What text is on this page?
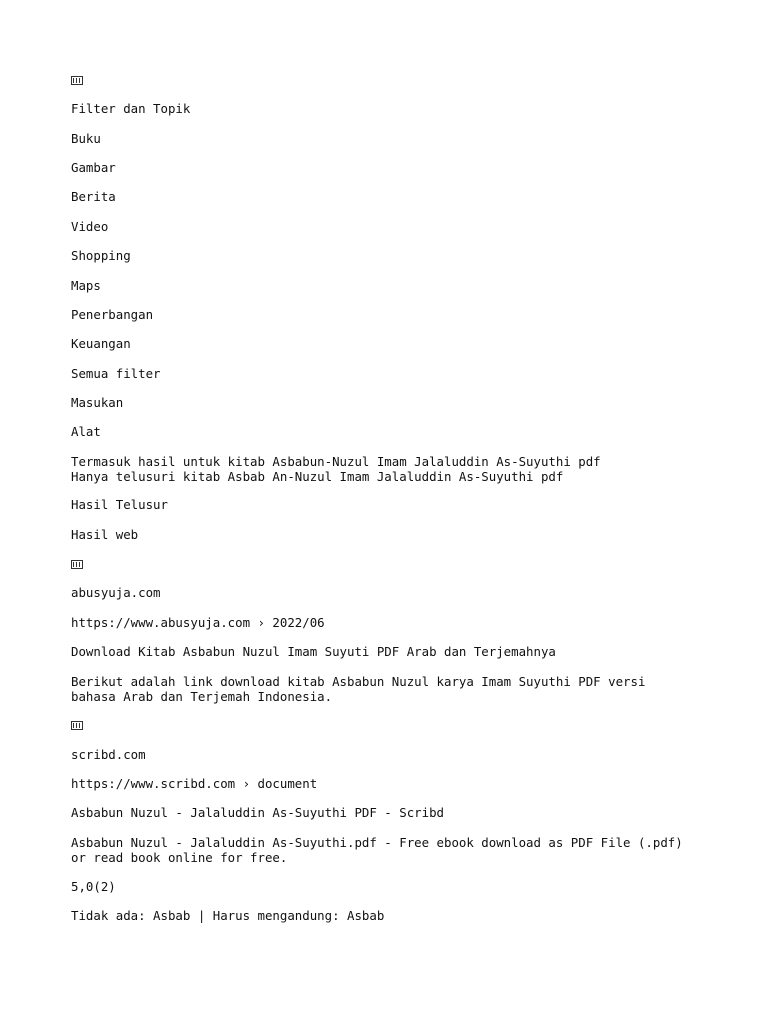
Filter dan Topik

Buku
Gambar
Berita
Video
Shopping
Maps
Penerbangan
Keuangan
Semua filter
Masukan
Alat
Termasuk hasil untuk kitab Asbabun-Nuzul Imam Jalaluddin As-Suyuthi pdf
Hanya telusuri kitab Asbab An-Nuzul Imam Jalaluddin As-Suyuthi pdf

Hasil Telusur

Hasil web

abusyuja.com

https://www.abusyuja.com › 2022/06
Download Kitab Asbabun Nuzul Imam Suyuti PDF Arab dan Terjemahnya

Berikut adalah link download kitab Asbabun Nuzul karya Imam Suyuthi PDF versi

bahasa Arab dan Terjemah Indonesia.

scribd.com

https://www.scribd.com › document
Asbabun Nuzul - Jalaluddin As-Suyuthi PDF - Scribd

Asbabun Nuzul - Jalaluddin As-Suyuthi.pdf - Free ebook download as PDF File (.pdf)

or read book online for free.

5,0(2)

Tidak ada: Asbab | Harus mengandung: Asbab
